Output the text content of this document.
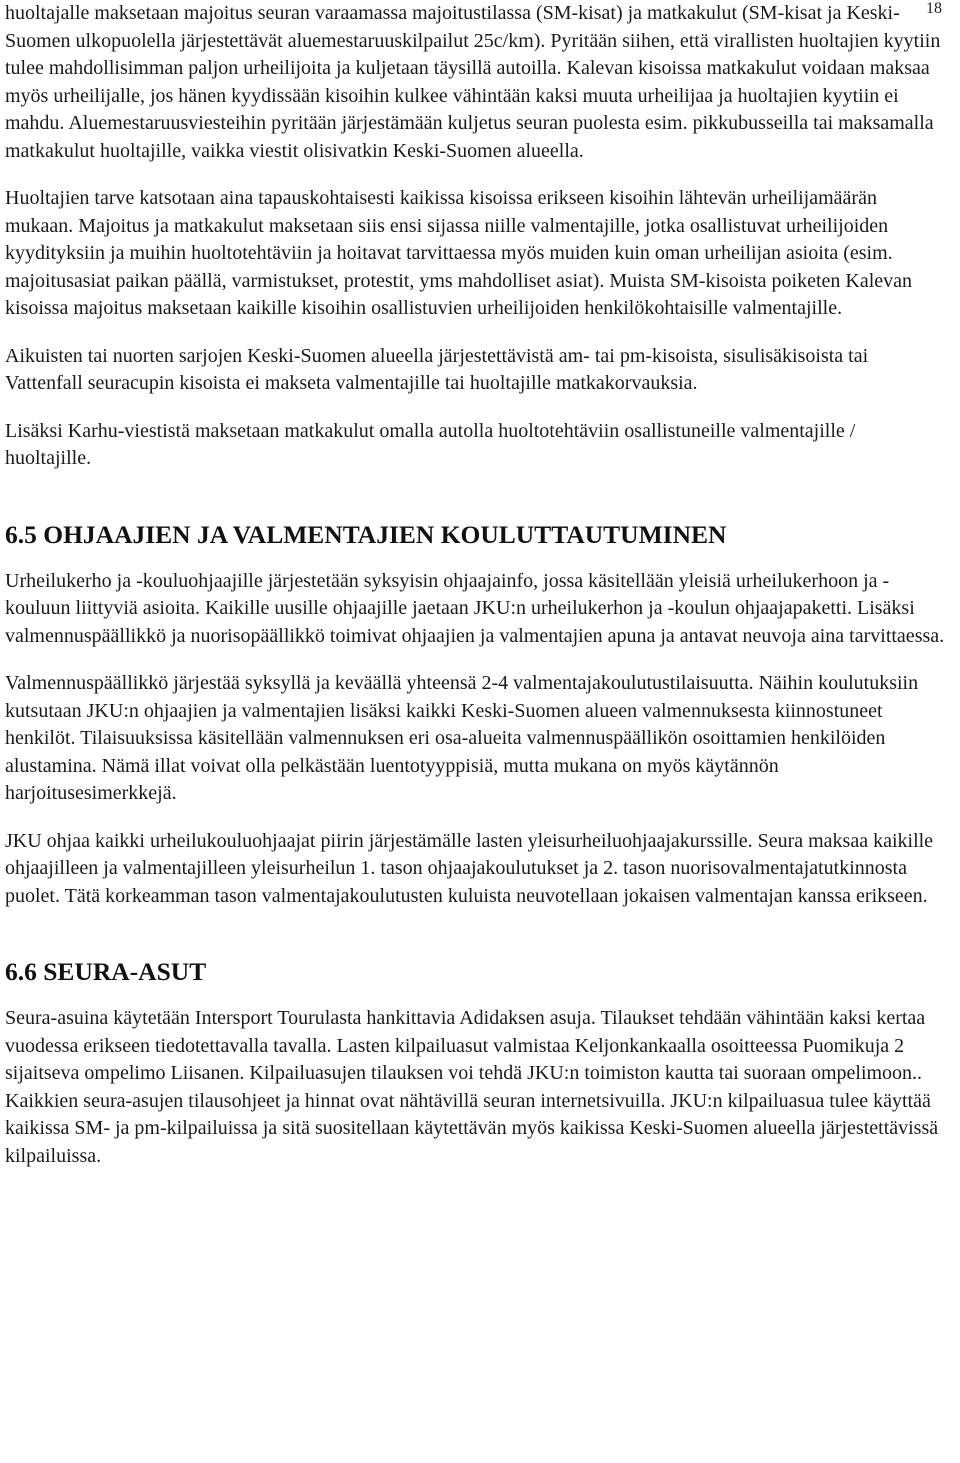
18

huoltajalle maksetaan majoitus seuran varaamassa majoitustilassa (SM-kisat) ja matkakulut (SM-kisat ja Keski-Suomen ulkopuolella järjestettävät aluemestaruuskilpailut 25c/km). Pyritään siihen, että virallisten huoltajien kyytiin tulee mahdollisimman paljon urheilijoita ja kuljetaan täysillä autoilla. Kalevan kisoissa matkakulut voidaan maksaa myös urheilijalle, jos hänen kyydissään kisoihin kulkee vähintään kaksi muuta urheilijaa ja huoltajien kyytiin ei mahdu. Aluemestaruusviesteihin pyritään järjestämään kuljetus seuran puolesta esim. pikkubusseilla tai maksamalla matkakulut huoltajille, vaikka viestit olisivatkin Keski-Suomen alueella.

Huoltajien tarve katsotaan aina tapauskohtaisesti kaikissa kisoissa erikseen kisoihin lähtevän urheilijamäärän mukaan. Majoitus ja matkakulut maksetaan siis ensi sijassa niille valmentajille, jotka osallistuvat urheilijoiden kyydityksiin ja muihin huoltotehtäviin ja hoitavat tarvittaessa myös muiden kuin oman urheilijan asioita (esim. majoitusasiat paikan päällä, varmistukset, protestit, yms mahdolliset asiat). Muista SM-kisoista poiketen Kalevan kisoissa majoitus maksetaan kaikille kisoihin osallistuvien urheilijoiden henkilökohtaisille valmentajille.

Aikuisten tai nuorten sarjojen Keski-Suomen alueella järjestettävistä am- tai pm-kisoista, sisulisäkisoista tai Vattenfall seuracupin kisoista ei makseta valmentajille tai huoltajille matkakorvauksia.

Lisäksi Karhu-viestistä maksetaan matkakulut omalla autolla huoltotehtäviin osallistuneille valmentajille / huoltajille.

6.5 OHJAAJIEN JA VALMENTAJIEN KOULUTTAUTUMINEN

Urheilukerho ja -kouluohjaajille järjestetään syksyisin ohjaajainfo, jossa käsitellään yleisiä urheilukerhoon ja -kouluun liittyviä asioita. Kaikille uusille ohjaajille jaetaan JKU:n urheilukerhon ja -koulun ohjaajapaketti. Lisäksi valmennuspäällikkö ja nuorisopäällikkö toimivat ohjaajien ja valmentajien apuna ja antavat neuvoja aina tarvittaessa.

Valmennuspäällikkö järjestää syksyllä ja keväällä yhteensä 2-4 valmentajakoulutustilaisuutta. Näihin koulutuksiin kutsutaan JKU:n ohjaajien ja valmentajien lisäksi kaikki Keski-Suomen alueen valmennuksesta kiinnostuneet henkilöt. Tilaisuuksissa käsitellään valmennuksen eri osa-alueita valmennuspäällikön osoittamien henkilöiden alustamina. Nämä illat voivat olla pelkästään luentotyyppisiä, mutta mukana on myös käytännön harjoitusesimerkkejä.

JKU ohjaa kaikki urheilukouluohjaajat piirin järjestämälle lasten yleisurheiluohjaajakurssille. Seura maksaa kaikille ohjaajilleen ja valmentajilleen yleisurheilun 1. tason ohjaajakoulutukset ja 2. tason nuorisovalmentajatutkinnosta puolet. Tätä korkeamman tason valmentajakoulutusten kuluista neuvotellaan jokaisen valmentajan kanssa erikseen.

6.6 SEURA-ASUT

Seura-asuina käytetään Intersport Tourulasta hankittavia Adidaksen asuja. Tilaukset tehdään vähintään kaksi kertaa vuodessa erikseen tiedotettavalla tavalla. Lasten kilpailuasut valmistaa Keljonkankaalla osoitteessa Puomikuja 2 sijaitseva ompelimo Liisanen. Kilpailuasujen tilauksen voi tehdä JKU:n toimiston kautta tai suoraan ompelimoon.. Kaikkien seura-asujen tilausohjeet ja hinnat ovat nähtävillä seuran internetsivuilla. JKU:n kilpailuasua tulee käyttää kaikissa SM- ja pm-kilpailuissa ja sitä suositellaan käytettävän myös kaikissa Keski-Suomen alueella järjestettävissä kilpailuissa.
